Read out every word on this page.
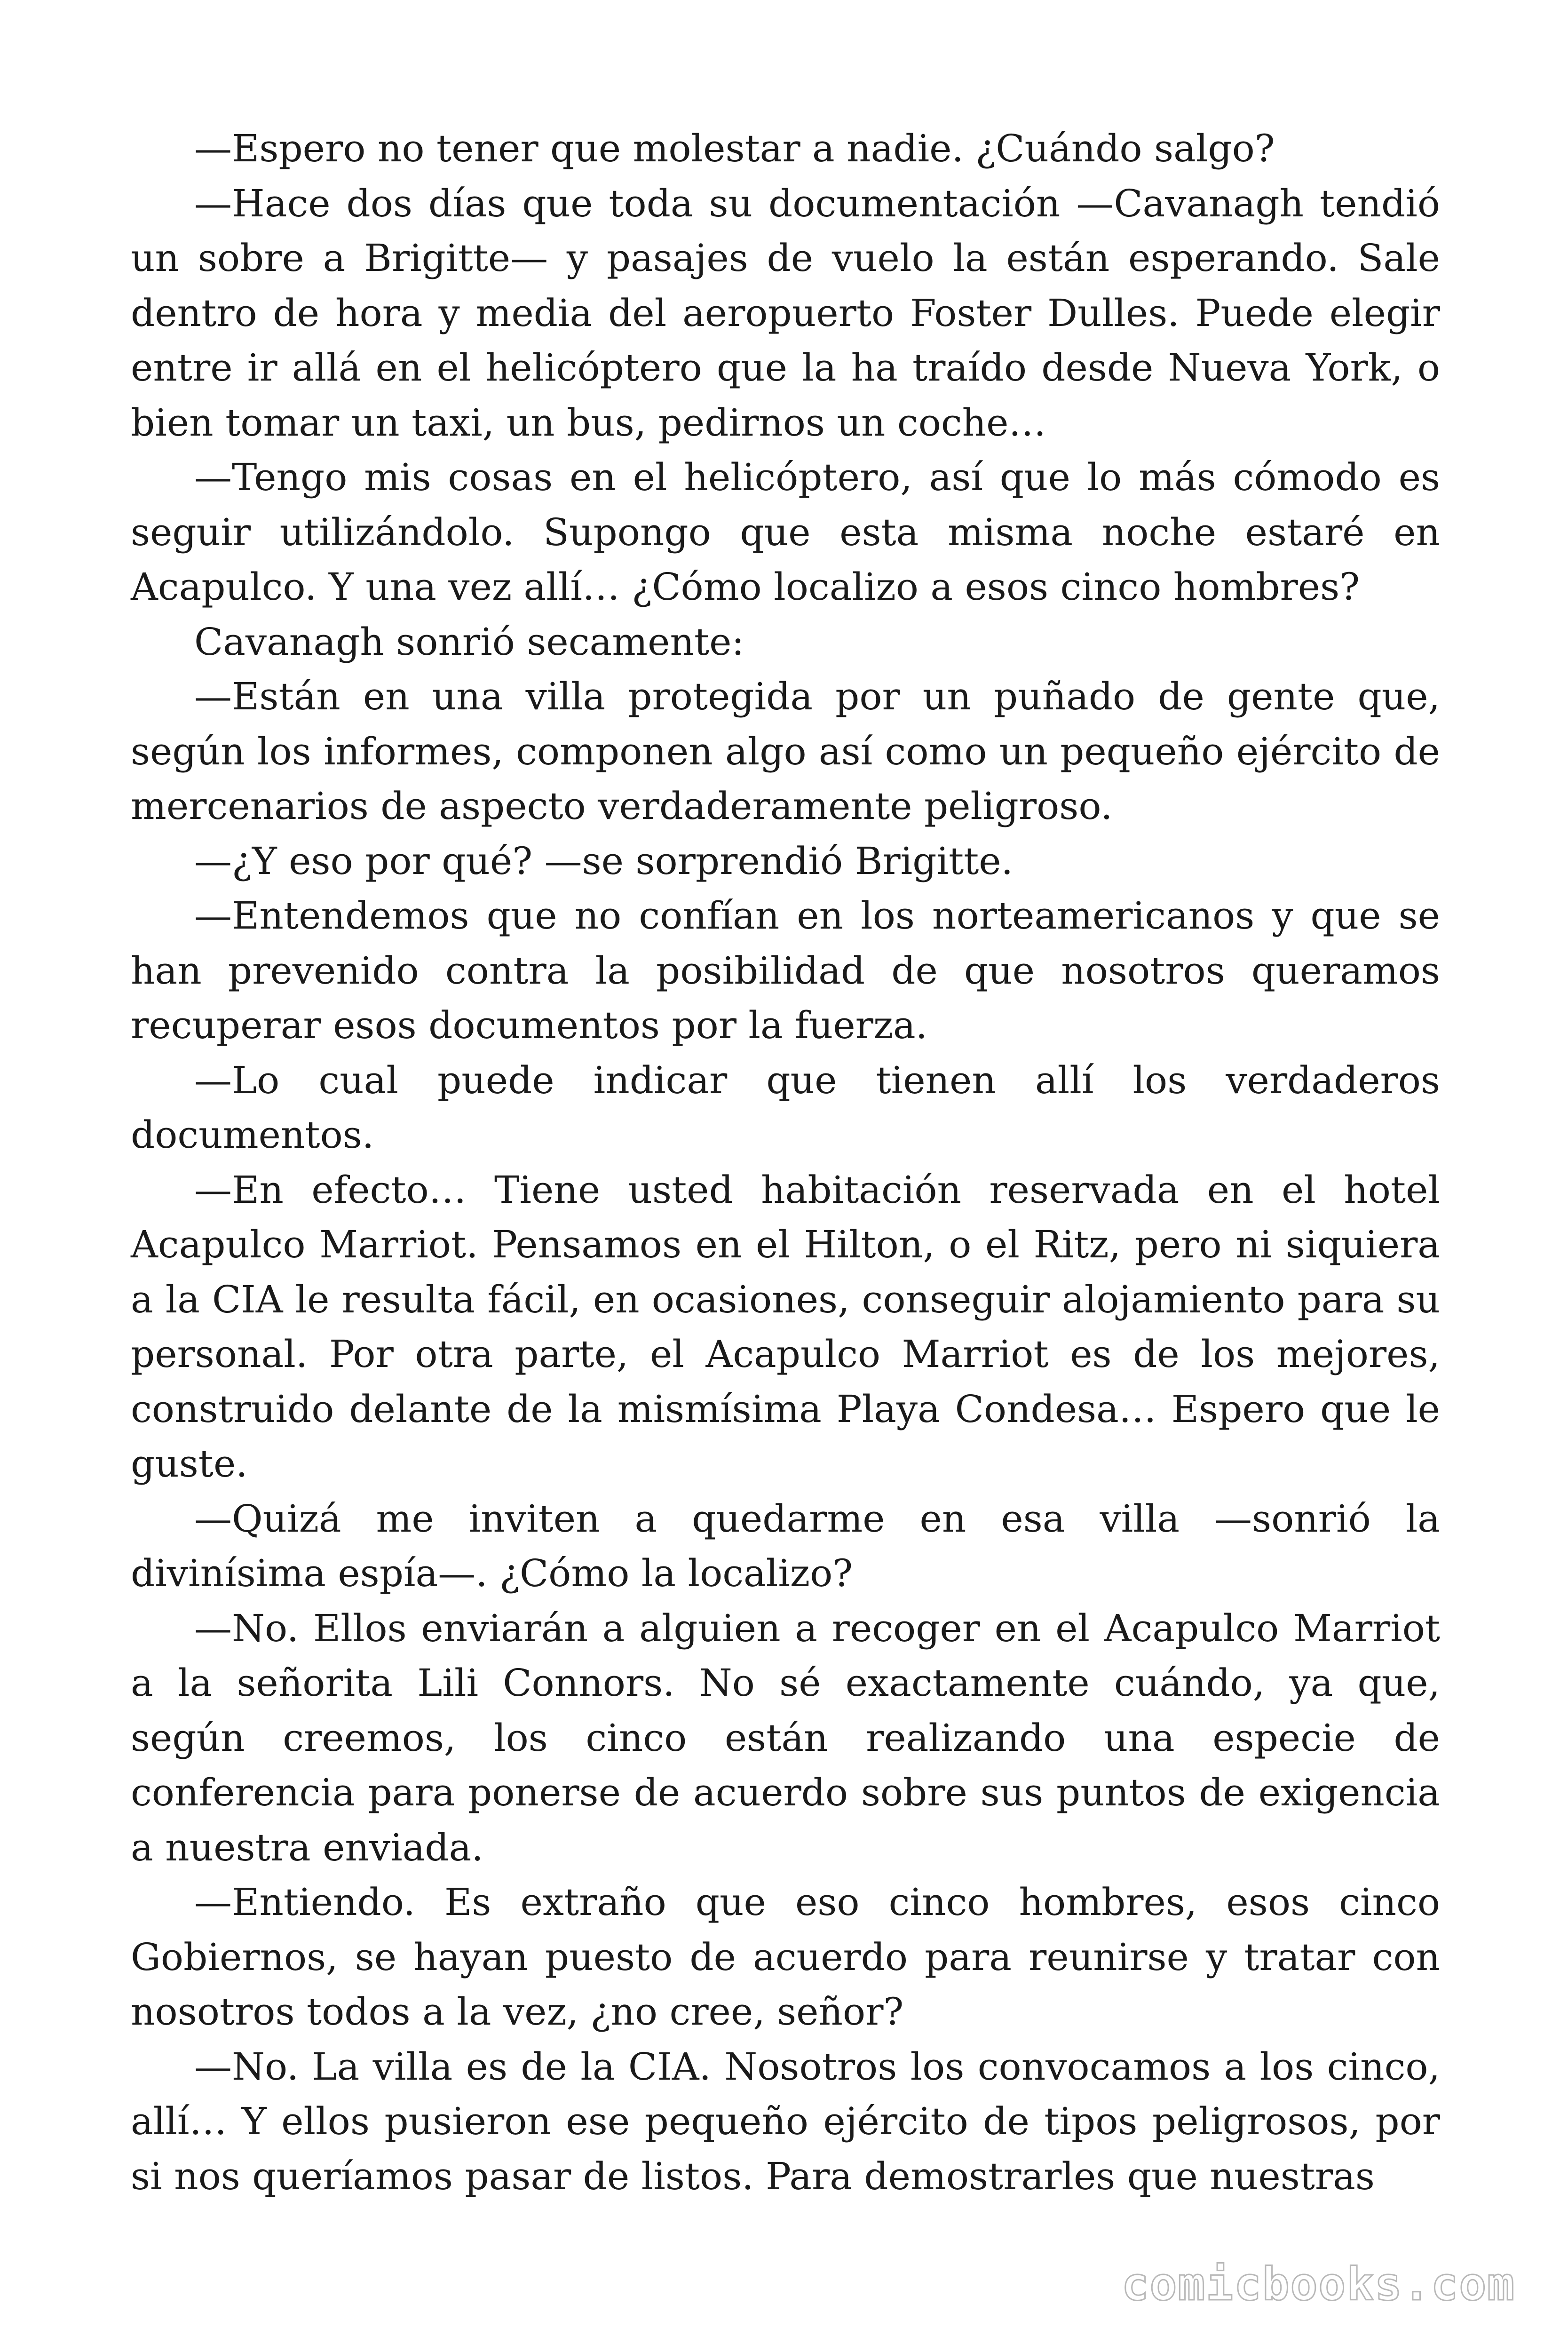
—Espero no tener que molestar a nadie. ¿Cuándo salgo?

—Hace dos días que toda su documentación —Cavanagh tendió un sobre a Brigitte— y pasajes de vuelo la están esperando. Sale dentro de hora y media del aeropuerto Foster Dulles. Puede elegir entre ir allá en el helicóptero que la ha traído desde Nueva York, o bien tomar un taxi, un bus, pedirnos un coche…

—Tengo mis cosas en el helicóptero, así que lo más cómodo es seguir utilizándolo. Supongo que esta misma noche estaré en Acapulco. Y una vez allí… ¿Cómo localizo a esos cinco hombres?

Cavanagh sonrió secamente:

—Están en una villa protegida por un puñado de gente que, según los informes, componen algo así como un pequeño ejército de mercenarios de aspecto verdaderamente peligroso.

—¿Y eso por qué? —se sorprendió Brigitte.

—Entendemos que no confían en los norteamericanos y que se han prevenido contra la posibilidad de que nosotros queramos recuperar esos documentos por la fuerza.

—Lo cual puede indicar que tienen allí los verdaderos documentos.

—En efecto… Tiene usted habitación reservada en el hotel Acapulco Marriot. Pensamos en el Hilton, o el Ritz, pero ni siquiera a la CIA le resulta fácil, en ocasiones, conseguir alojamiento para su personal. Por otra parte, el Acapulco Marriot es de los mejores, construido delante de la mismísima Playa Condesa… Espero que le guste.

—Quizá me inviten a quedarme en esa villa —sonrió la divinísima espía—. ¿Cómo la localizo?

—No. Ellos enviarán a alguien a recoger en el Acapulco Marriot a la señorita Lili Connors. No sé exactamente cuándo, ya que, según creemos, los cinco están realizando una especie de conferencia para ponerse de acuerdo sobre sus puntos de exigencia a nuestra enviada.

—Entiendo. Es extraño que eso cinco hombres, esos cinco Gobiernos, se hayan puesto de acuerdo para reunirse y tratar con nosotros todos a la vez, ¿no cree, señor?

—No. La villa es de la CIA. Nosotros los convocamos a los cinco, allí… Y ellos pusieron ese pequeño ejército de tipos peligrosos, por si nos queríamos pasar de listos. Para demostrarles que nuestras

comicbooks.com
